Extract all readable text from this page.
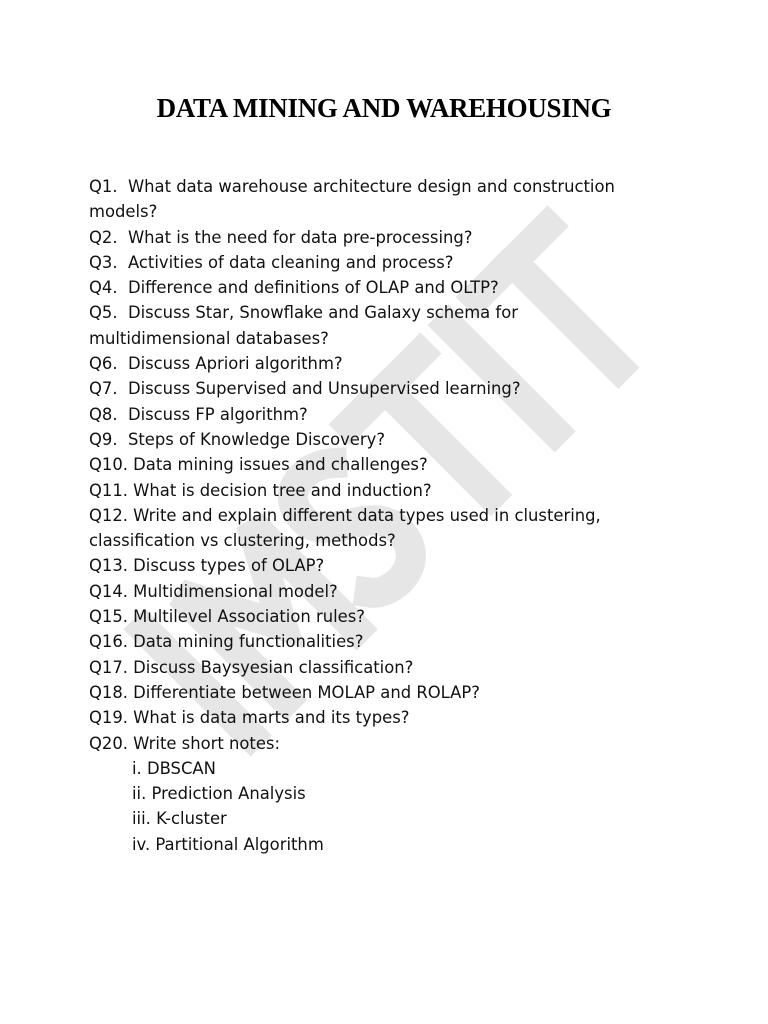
DATA MINING AND WAREHOUSING
Q1.  What data warehouse architecture design and construction
models?
Q2.  What is the need for data pre-processing?
Q3.  Activities of data cleaning and process?
Q4.  Difference and definitions of OLAP and OLTP?
Q5.  Discuss Star, Snowflake and Galaxy schema for
multidimensional databases?
Q6.  Discuss Apriori algorithm?
Q7.  Discuss Supervised and Unsupervised learning?
Q8.  Discuss FP algorithm?
Q9.  Steps of Knowledge Discovery?
Q10. Data mining issues and challenges?
Q11. What is decision tree and induction?
Q12. Write and explain different data types used in clustering,
classification vs clustering, methods?
Q13. Discuss types of OLAP?
Q14. Multidimensional model?
Q15. Multilevel Association rules?
Q16. Data mining functionalities?
Q17. Discuss Baysyesian classification?
Q18. Differentiate between MOLAP and ROLAP?
Q19. What is data marts and its types?
Q20. Write short notes:
i. DBSCAN
ii. Prediction Analysis
iii. K-cluster
iv. Partitional Algorithm
